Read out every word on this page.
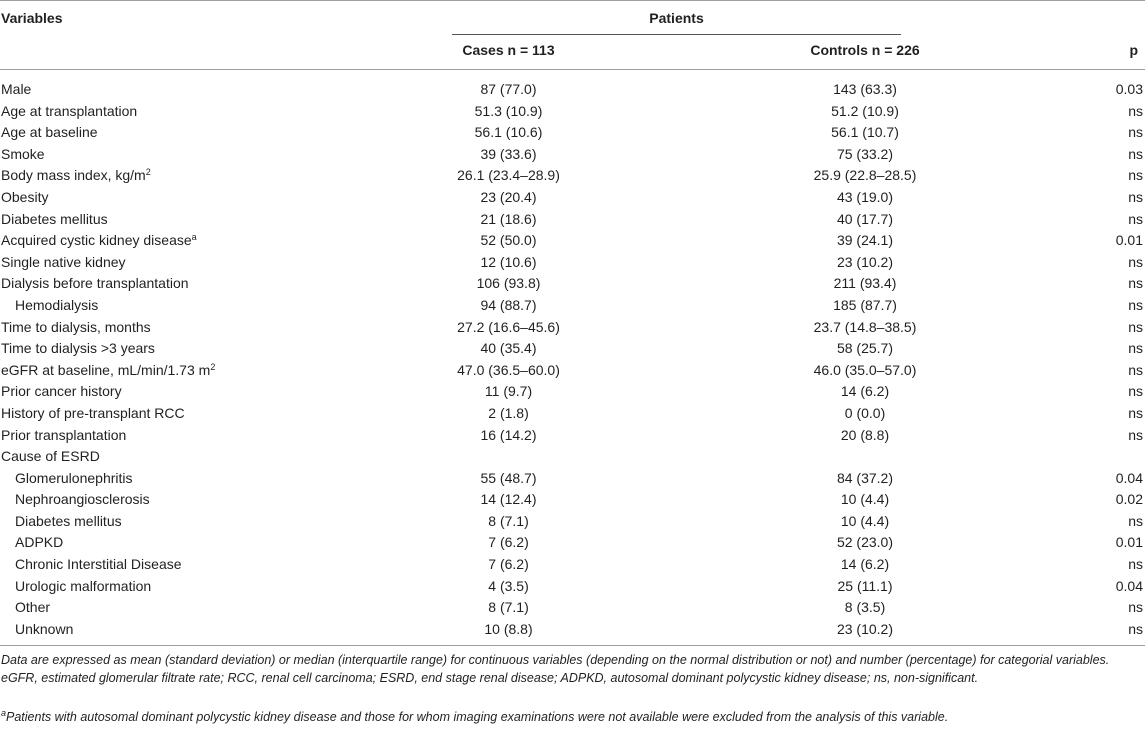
Variables	Patients
Cases n = 113	Controls n = 226	p
Male	87 (77.0)	143 (63.3)	0.03
Age at transplantation	51.3 (10.9)	51.2 (10.9)	ns
Age at baseline	56.1 (10.6)	56.1 (10.7)	ns
Smoke	39 (33.6)	75 (33.2)	ns
Body mass index, $kg/m^2$	26.1 (23.4–28.9)	25.9 (22.8–28.5)	ns
Obesity	23 (20.4)	43 (19.0)	ns
Diabetes mellitus	21 (18.6)	40 (17.7)	ns
Acquired cystic kidney disease$^a$	52 (50.0)	39 (24.1)	0.01
Single native kidney	12 (10.6)	23 (10.2)	ns
Dialysis before transplantation	106 (93.8)	211 (93.4)	ns
Hemodialysis	94 (88.7)	185 (87.7)	ns
Time to dialysis, months	27.2 (16.6–45.6)	23.7 (14.8–38.5)	ns
Time to dialysis >3 years	40 (35.4)	58 (25.7)	ns
eGFR at baseline, mL/min/1.73 $m^2$	47.0 (36.5–60.0)	46.0 (35.0–57.0)	ns
Prior cancer history	11 (9.7)	14 (6.2)	ns
History of pre-transplant RCC	2 (1.8)	0 (0.0)	ns
Prior transplantation	16 (14.2)	20 (8.8)	ns
Cause of ESRD
Glomerulonephritis	55 (48.7)	84 (37.2)	0.04
Nephroangiosclerosis	14 (12.4)	10 (4.4)	0.02
Diabetes mellitus	8 (7.1)	10 (4.4)	ns
ADPKD	7 (6.2)	52 (23.0)	0.01
Chronic Interstitial Disease	7 (6.2)	14 (6.2)	ns
Urologic malformation	4 (3.5)	25 (11.1)	0.04
Other	8 (7.1)	8 (3.5)	ns
Unknown	10 (8.8)	23 (10.2)	ns
Data are expressed as mean (standard deviation) or median (interquartile range) for continuous variables (depending on the normal distribution or not) and number (percentage) for categorial variables. eGFR, estimated glomerular filtrate rate; RCC, renal cell carcinoma; ESRD, end stage renal disease; ADPKD, autosomal dominant polycystic kidney disease; ns, non-significant.
$^a$Patients with autosomal dominant polycystic kidney disease and those for whom imaging examinations were not available were excluded from the analysis of this variable.
